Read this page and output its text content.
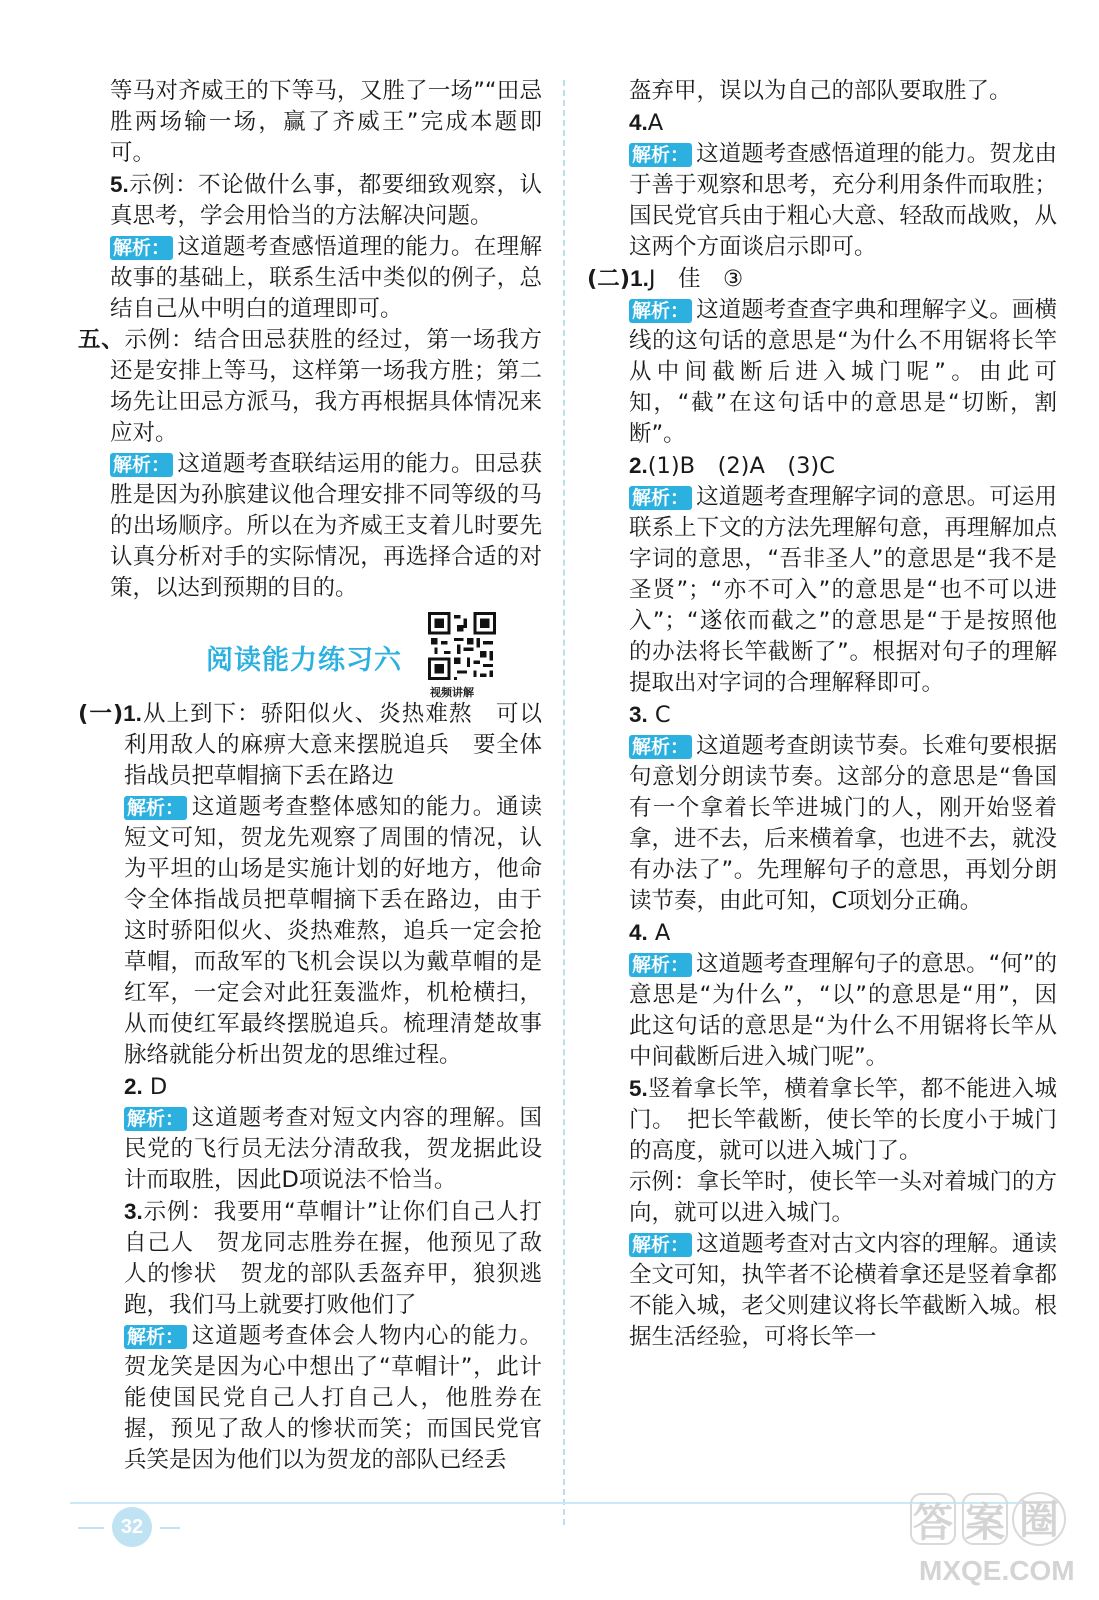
等马对齐威王的下等马，又胜了一场”“田忌胜两场输一场，赢了齐威王”完成本题即可。

5.示例：不论做什么事，都要细致观察，认真思考，学会用恰当的方法解决问题。

解析： 这道题考查感悟道理的能力。在理解故事的基础上，联系生活中类似的例子，总结自己从中明白的道理即可。

五、示例：结合田忌获胜的经过，第一场我方还是安排上等马，这样第一场我方胜；第二场先让田忌方派马，我方再根据具体情况来应对。

解析： 这道题考查联结运用的能力。田忌获胜是因为孙膑建议他合理安排不同等级的马的出场顺序。所以在为齐威王支着儿时要先认真分析对手的实际情况，再选择合适的对策，以达到预期的目的。

阅读能力练习六
视频讲解

(一)1.从上到下：骄阳似火、炎热难熬　可以利用敌人的麻痹大意来摆脱追兵　要全体指战员把草帽摘下丢在路边

解析： 这道题考查整体感知的能力。通读短文可知，贺龙先观察了周围的情况，认为平坦的山场是实施计划的好地方，他命令全体指战员把草帽摘下丢在路边，由于这时骄阳似火、炎热难熬，追兵一定会抢草帽，而敌军的飞机会误以为戴草帽的是红军，一定会对此狂轰滥炸，机枪横扫，从而使红军最终摆脱追兵。梳理清楚故事脉络就能分析出贺龙的思维过程。

2. D

解析： 这道题考查对短文内容的理解。国民党的飞行员无法分清敌我，贺龙据此设计而取胜，因此D项说法不恰当。

3.示例：我要用“草帽计”让你们自己人打自己人　贺龙同志胜券在握，他预见了敌人的惨状　贺龙的部队丢盔弃甲，狼狈逃跑，我们马上就要打败他们了

解析： 这道题考查体会人物内心的能力。贺龙笑是因为心中想出了“草帽计”，此计能使国民党自己人打自己人，他胜券在握，预见了敌人的惨状而笑；而国民党官兵笑是因为他们以为贺龙的部队已经丢

盔弃甲，误以为自己的部队要取胜了。

4.A

解析： 这道题考查感悟道理的能力。贺龙由于善于观察和思考，充分利用条件而取胜；国民党官兵由于粗心大意、轻敌而战败，从这两个方面谈启示即可。

(二)1.J　佳　③

解析： 这道题考查查字典和理解字义。画横线的这句话的意思是“为什么不用锯将长竿从中间截断后进入城门呢”。由此可知，“截”在这句话中的意思是“切断，割断”。

2.(1)B　(2)A　(3)C

解析： 这道题考查理解字词的意思。可运用联系上下文的方法先理解句意，再理解加点字词的意思，“吾非圣人”的意思是“我不是圣贤”；“亦不可入”的意思是“也不可以进入”；“遂依而截之”的意思是“于是按照他的办法将长竿截断了”。根据对句子的理解提取出对字词的合理解释即可。

3. C

解析： 这道题考查朗读节奏。长难句要根据句意划分朗读节奏。这部分的意思是“鲁国有一个拿着长竿进城门的人，刚开始竖着拿，进不去，后来横着拿，也进不去，就没有办法了”。先理解句子的意思，再划分朗读节奏，由此可知，C项划分正确。

4. A

解析： 这道题考查理解句子的意思。“何”的意思是“为什么”，“以”的意思是“用”，因此这句话的意思是“为什么不用锯将长竿从中间截断后进入城门呢”。

5.竖着拿长竿，横着拿长竿，都不能进入城门。　把长竿截断，使长竿的长度小于城门的高度，就可以进入城门了。

示例：拿长竿时，使长竿一头对着城门的方向，就可以进入城门。

解析： 这道题考查对古文内容的理解。通读全文可知，执竿者不论横着拿还是竖着拿都不能入城，老父则建议将长竿截断入城。根据生活经验，可将长竿一

32	答 案 圈
MXQE.COM
